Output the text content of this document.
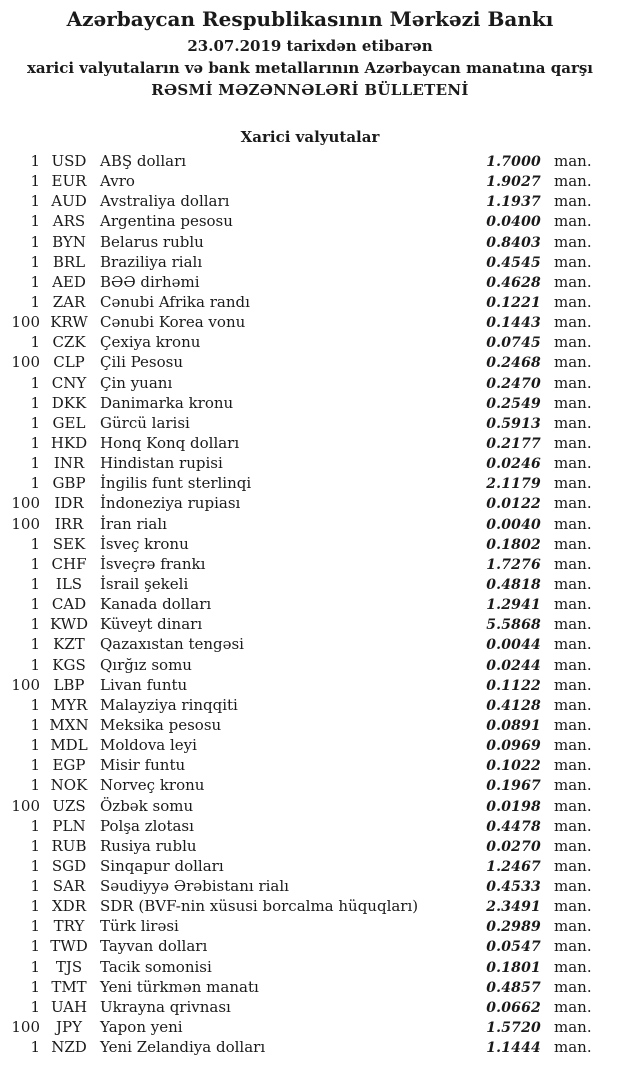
Azərbaycan Respublikasının Mərkəzi Bankı
23.07.2019 tarixdən etibarən
xarici valyutaların və bank metallarının Azərbaycan manatına qarşı
RƏSMİ MƏZƏNNƏLƏRİ BÜLLETENİ
Xarici valyutalar
1 USD ABŞ dolları	1.7000 man.
1 EUR Avro	1.9027 man.
1 AUD Avstraliya dolları	1.1937 man.
1 ARS Argentina pesosu	0.0400 man.
1 BYN Belarus rublu	0.8403 man.
1 BRL Braziliya rialı	0.4545 man.
1 AED BƏƏ dirhəmi	0.4628 man.
1 ZAR Cənubi Afrika randı	0.1221 man.
100 KRW Cənubi Korea vonu	0.1443 man.
1 CZK Çexiya kronu	0.0745 man.
100 CLP	Çili Pesosu	0.2468 man.
1 CNY Çin yuanı	0.2470 man.
1 DKK Danimarka kronu	0.2549 man.
1 GEL Gürcü larisi	0.5913 man.
1 HKD Honq Konq dolları	0.2177 man.
1 INR	Hindistan rupisi	0.0246 man.
1 GBP İngilis funt sterlinqi	2.1179 man.
100 IDR	İndoneziya rupiası	0.0122 man.
100 IRR	İran rialı	0.0040 man.
1 SEK İsveç kronu	0.1802 man.
1 CHF İsveçrə frankı	1.7276 man.
1	ILS	İsrail şekeli	0.4818 man.
1 CAD Kanada dolları	1.2941 man.
1 KWD Küveyt dinarı	5.5868 man.
1 KZT	Qazaxıstan tengəsi	0.0044 man.
1 KGS Qırğız somu	0.0244 man.
100 LBP	Livan funtu	0.1122 man.
1 MYR Malayziya rinqqiti	0.4128 man.
1 MXN Meksika pesosu	0.0891 man.
1 MDL Moldova leyi	0.0969 man.
1 EGP Misir funtu	0.1022 man.
1 NOK Norveç kronu	0.1967 man.
100 UZS Özbək somu	0.0198 man.
1 PLN Polşa zlotası	0.4478 man.
1 RUB Rusiya rublu	0.0270 man.
1 SGD Sinqapur dolları	1.2467 man.
1 SAR Səudiyyə Ərəbistanı rialı	0.4533 man.
1 XDR SDR (BVF-nin xüsusi borcalma hüquqları)	2.3491 man.
1 TRY	Türk lirəsi	0.2989 man.
1 TWD Tayvan dolları	0.0547 man.
1	TJS	Tacik somonisi	0.1801 man.
1 TMT Yeni türkmən manatı	0.4857 man.
1 UAH Ukrayna qrivnası	0.0662 man.
100	JPY	Yapon yeni	1.5720 man.
1 NZD Yeni Zelandiya dolları	1.1444 man.
